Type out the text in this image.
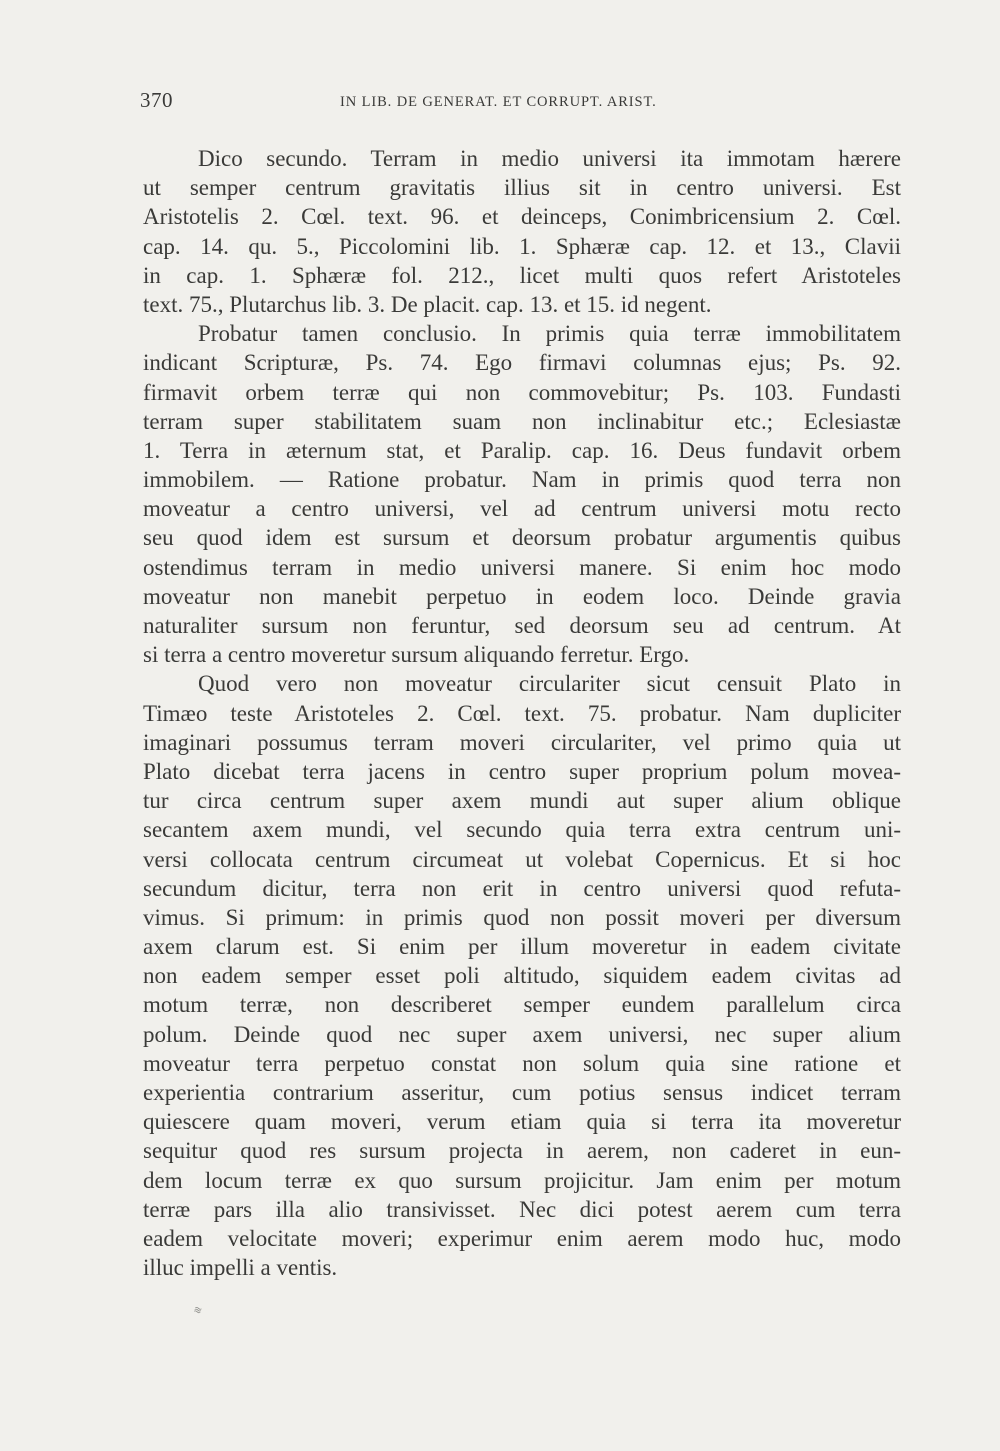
370	IN LIB. DE GENERAT. ET CORRUPT. ARIST.
Dico secundo. Terram in medio universi ita immotam hærere
ut semper centrum gravitatis illius sit in centro universi. Est
Aristotelis 2. Cœl. text. 96. et deinceps, Conimbricensium 2. Cœl.
cap. 14. qu. 5., Piccolomini lib. 1. Sphæræ cap. 12. et 13., Clavii
in cap. 1. Sphæræ fol. 212., licet multi quos refert Aristoteles
text. 75., Plutarchus lib. 3. De placit. cap. 13. et 15. id negent.
Probatur tamen conclusio. In primis quia terræ immobilitatem
indicant Scripturæ, Ps. 74. Ego firmavi columnas ejus; Ps. 92.
firmavit orbem terræ qui non commovebitur; Ps. 103. Fundasti
terram super stabilitatem suam non inclinabitur etc.; Eclesiastæ
1. Terra in æternum stat, et Paralip. cap. 16. Deus fundavit orbem
immobilem. — Ratione probatur. Nam in primis quod terra non
moveatur a centro universi, vel ad centrum universi motu recto
seu quod idem est sursum et deorsum probatur argumentis quibus
ostendimus terram in medio universi manere. Si enim hoc modo
moveatur non manebit perpetuo in eodem loco. Deinde gravia
naturaliter sursum non feruntur, sed deorsum seu ad centrum. At
si terra a centro moveretur sursum aliquando ferretur. Ergo.
Quod vero non moveatur circulariter sicut censuit Plato in
Timæo teste Aristoteles 2. Cœl. text. 75. probatur. Nam dupliciter
imaginari possumus terram moveri circulariter, vel primo quia ut
Plato dicebat terra jacens in centro super proprium polum movea-
tur circa centrum super axem mundi aut super alium oblique
secantem axem mundi, vel secundo quia terra extra centrum uni-
versi collocata centrum circumeat ut volebat Copernicus. Et si hoc
secundum dicitur, terra non erit in centro universi quod refuta-
vimus. Si primum: in primis quod non possit moveri per diversum
axem clarum est. Si enim per illum moveretur in eadem civitate
non eadem semper esset poli altitudo, siquidem eadem civitas ad
motum terræ, non describeret semper eundem parallelum circa
polum. Deinde quod nec super axem universi, nec super alium
moveatur terra perpetuo constat non solum quia sine ratione et
experientia contrarium asseritur, cum potius sensus indicet terram
quiescere quam moveri, verum etiam quia si terra ita moveretur
sequitur quod res sursum projecta in aerem, non caderet in eun-
dem locum terræ ex quo sursum projicitur. Jam enim per motum
terræ pars illa alio transivisset. Nec dici potest aerem cum terra
eadem velocitate moveri; experimur enim aerem modo huc, modo
illuc impelli a ventis.
≋
